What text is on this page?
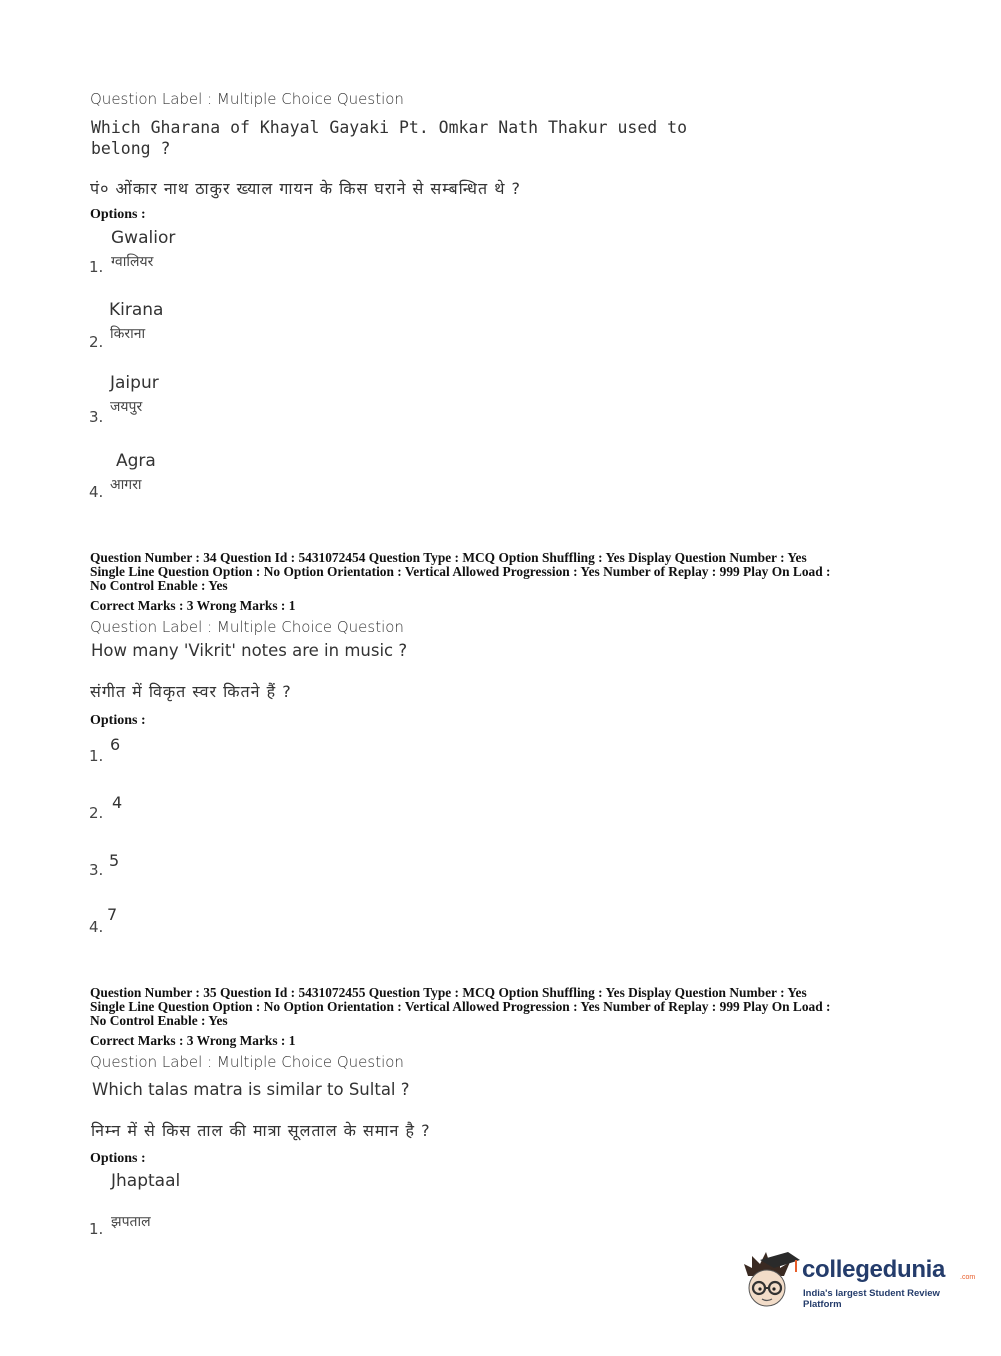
Question Label : Multiple Choice Question
Which Gharana of Khayal Gayaki Pt. Omkar Nath Thakur used to
belong ?
पं० ओंकार नाथ ठाकुर ख्याल गायन के किस घराने से सम्बन्धित थे ?
Options :
Gwalior
ग्वालियर
1.
Kirana
किराना
2.
Jaipur
जयपुर
3.
Agra
आगरा
4.
Question Number : 34 Question Id : 5431072454 Question Type : MCQ Option Shuffling : Yes Display Question Number : Yes
Single Line Question Option : No Option Orientation : Vertical Allowed Progression : Yes Number of Replay : 999 Play On Load :
No Control Enable : Yes
Correct Marks : 3 Wrong Marks : 1
Question Label : Multiple Choice Question
How many 'Vikrit' notes are in music ?
संगीत में विकृत स्वर कितने हैं ?
Options :
6
1.
4
2.
5
3.
7
4.
Question Number : 35 Question Id : 5431072455 Question Type : MCQ Option Shuffling : Yes Display Question Number : Yes
Single Line Question Option : No Option Orientation : Vertical Allowed Progression : Yes Number of Replay : 999 Play On Load :
No Control Enable : Yes
Correct Marks : 3 Wrong Marks : 1
Question Label : Multiple Choice Question
Which talas matra is similar to Sultal ?
निम्न में से किस ताल की मात्रा सूलताल के समान है ?
Options :
Jhaptaal
झपताल
1.
collegedunia .com
India's largest Student Review Platform
